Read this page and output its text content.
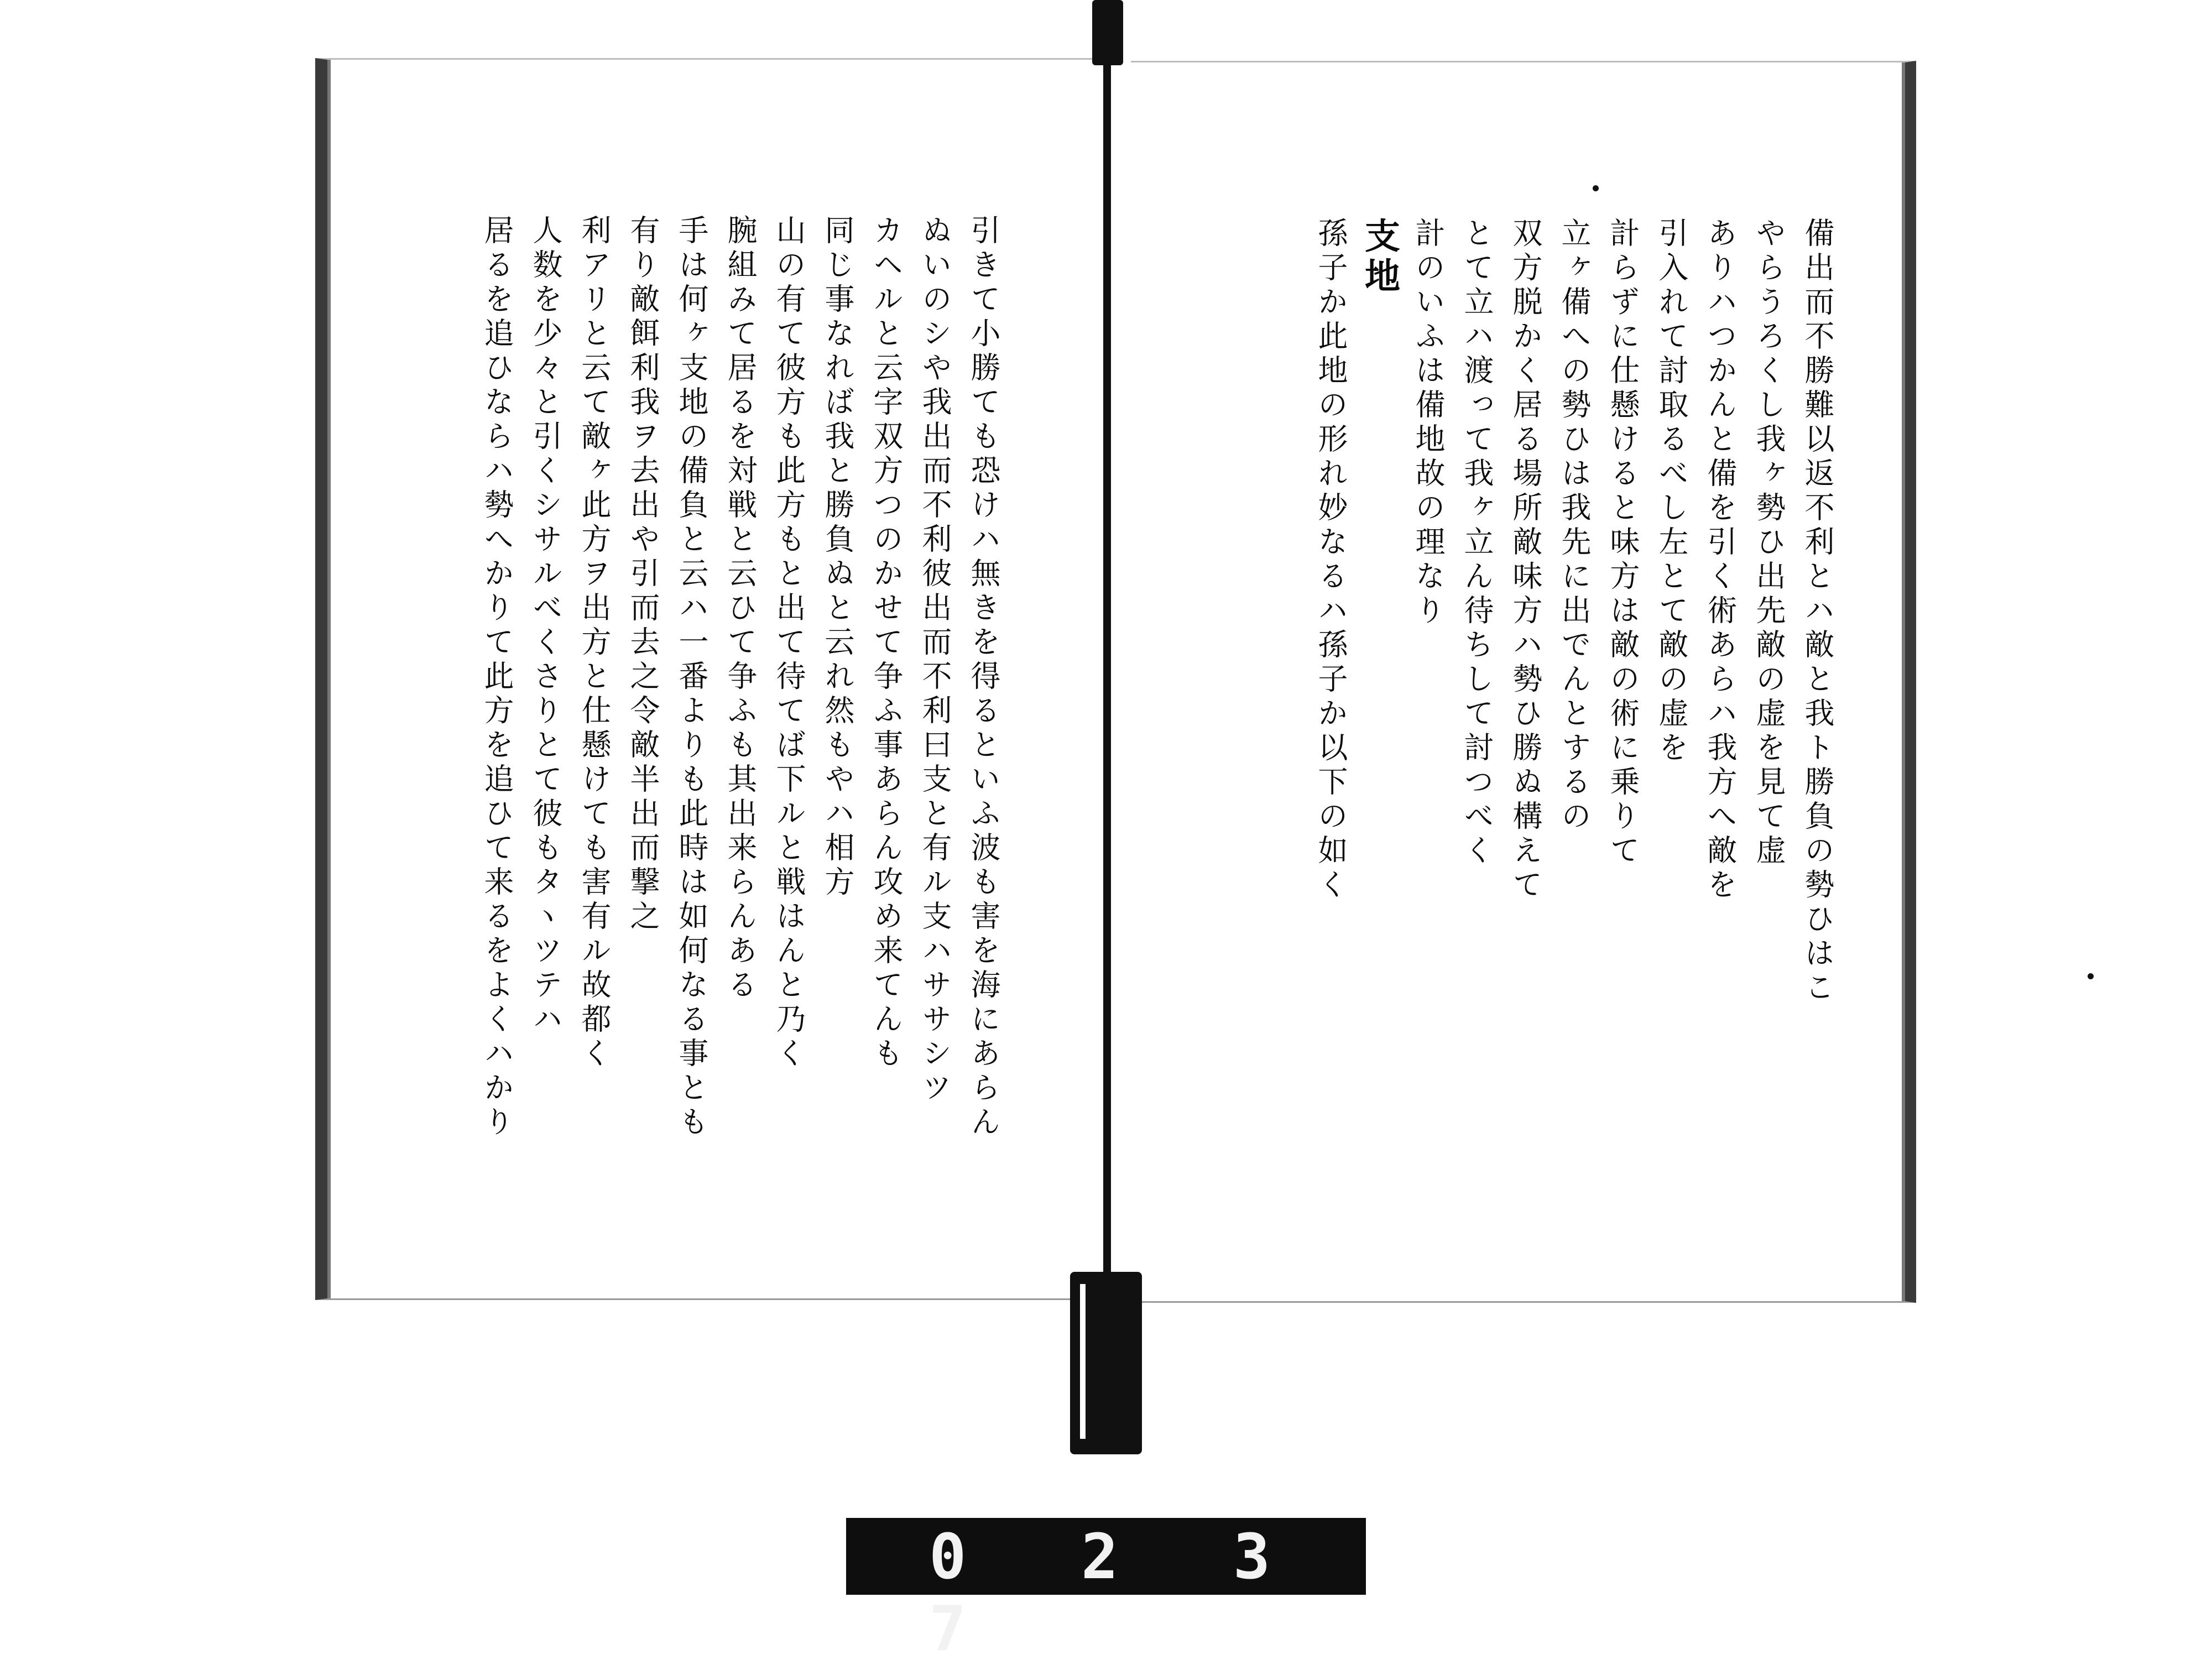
引きて小勝ても恐けハ無きを得るといふ波も害を海にあらん
ぬいのシや我出而不利彼出而不利曰支と有ル支ハササシツ
カヘルと云字双方つのかせて争ふ事あらん攻め来てんも
同じ事なれば我と勝負ぬと云れ然もやハ相方
山の有て彼方も此方もと出て待てば下ルと戦はんと乃く
腕組みて居るを対戦と云ひて争ふも其出来らんある
手は何ヶ支地の備負と云ハ一番よりも此時は如何なる事とも
有り敵餌利我ヲ去出や引而去之令敵半出而撃之
利アリと云て敵ヶ此方ヲ出方と仕懸けても害有ル故都く
人数を少々と引くシサルべくさりとて彼もタヽツテハ
居るを追ひならハ勢へかりて此方を追ひて来るをよくハかり	備出而不勝難以返不利とハ敵と我ト勝負の勢ひはこ
やらうろくし我ヶ勢ひ出先敵の虚を見て虚
ありハつかんと備を引く術あらハ我方へ敵を
引入れて討取るべし左とて敵の虚を
計らずに仕懸けると味方は敵の術に乗りて
立ヶ備への勢ひは我先に出でんとするの
双方脱かく居る場所敵味方ハ勢ひ勝ぬ構えて
とて立ハ渡って我ヶ立ん待ちして討つべく
計のいふは備地故の理なり
支地
孫子か此地の形れ妙なるハ孫子か以下の如く
0 2 3 7
